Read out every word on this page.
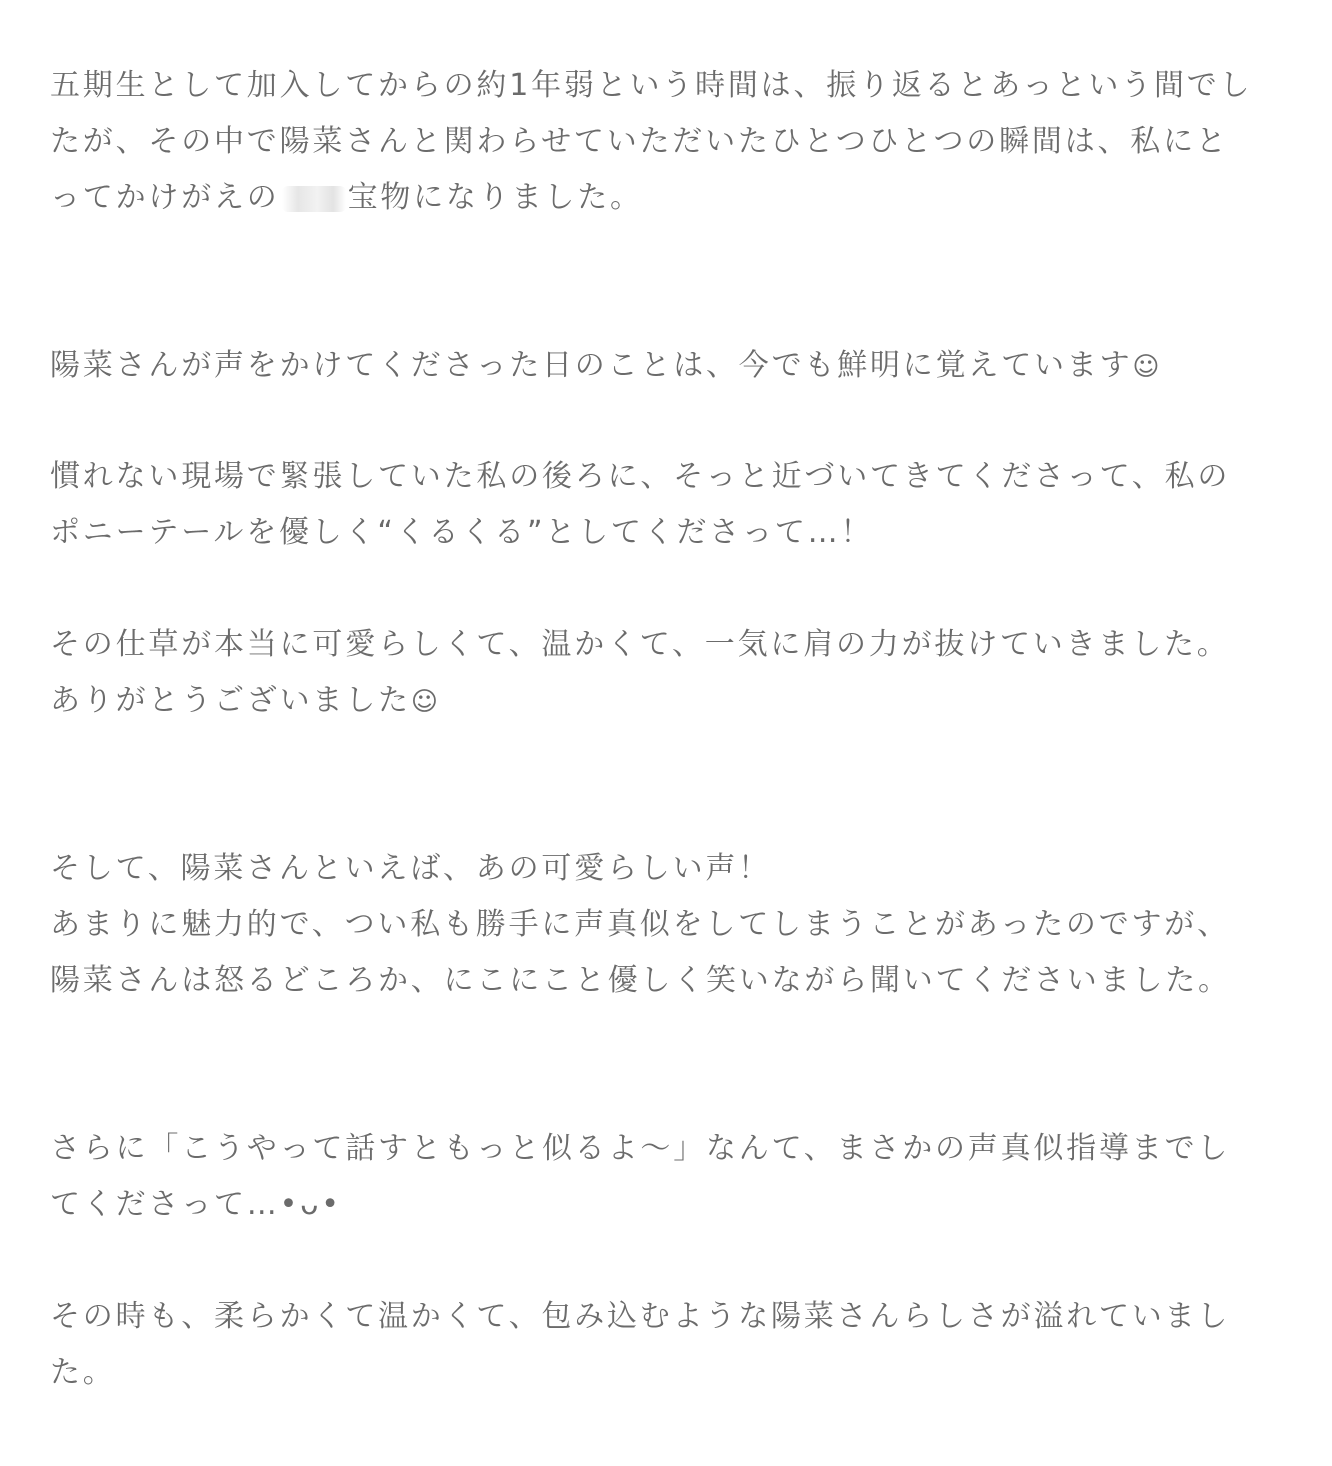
五期生として加入してからの約1年弱という時間は、振り返るとあっという間でし
たが、その中で陽菜さんと関わらせていただいたひとつひとつの瞬間は、私にと
ってかけがえの 宝物になりました。
陽菜さんが声をかけてくださった日のことは、今でも鮮明に覚えています☺
慣れない現場で緊張していた私の後ろに、そっと近づいてきてくださって、私の
ポニーテールを優しく“くるくる”としてくださって…！
その仕草が本当に可愛らしくて、温かくて、一気に肩の力が抜けていきました。
ありがとうございました☺
そして、陽菜さんといえば、あの可愛らしい声！
あまりに魅力的で、つい私も勝手に声真似をしてしまうことがあったのですが、
陽菜さんは怒るどころか、にこにこと優しく笑いながら聞いてくださいました。
さらに「こうやって話すともっと似るよ〜」なんて、まさかの声真似指導までし
てくださって…•ᴗ•
その時も、柔らかくて温かくて、包み込むような陽菜さんらしさが溢れていまし
た。
